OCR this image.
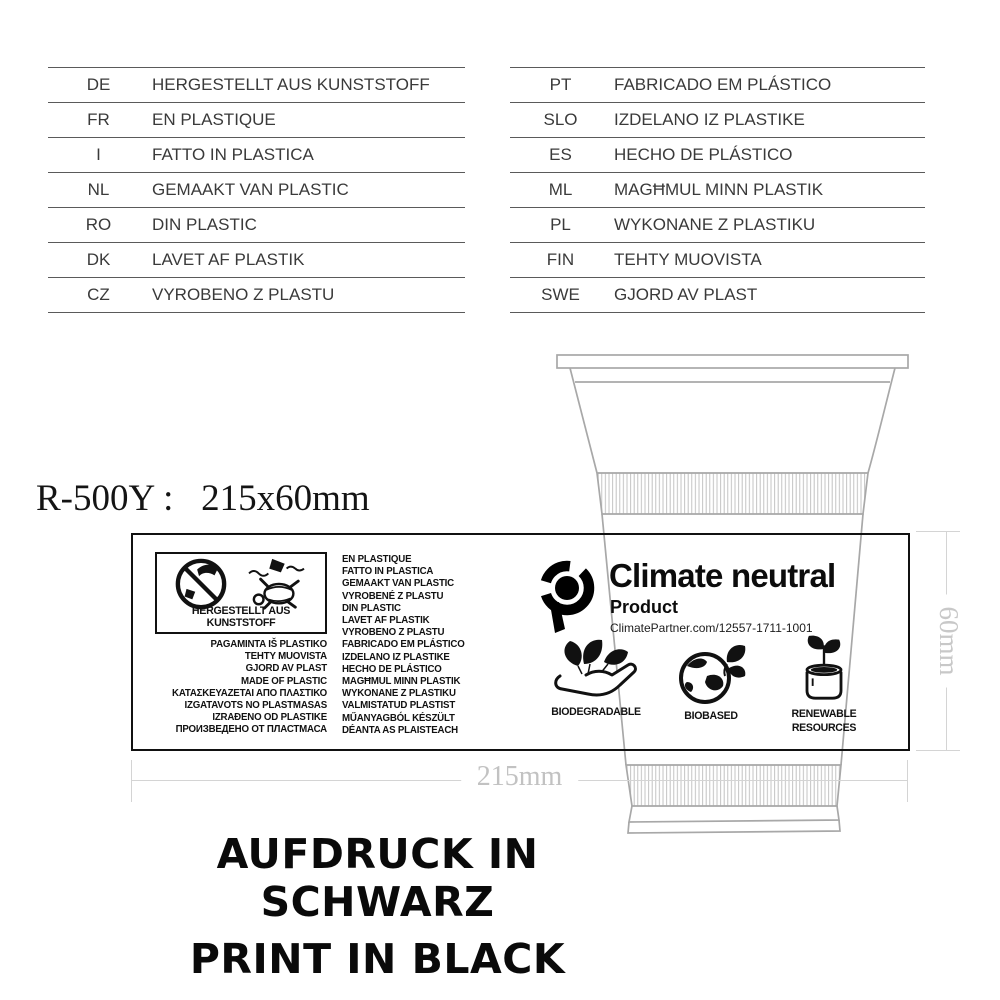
DE	HERGESTELLT AUS KUNSTSTOFF
FR	EN PLASTIQUE
I	FATTO IN PLASTICA
NL	GEMAAKT VAN PLASTIC
RO	DIN PLASTIC
DK	LAVET AF PLASTIK
CZ	VYROBENO Z PLASTU
PT	FABRICADO EM PLÁSTICO
SLO	IZDELANO IZ PLASTIKE
ES	HECHO DE PLÁSTICO
ML	MAGĦMUL MINN PLASTIK
PL	WYKONANE Z PLASTIKU
FIN	TEHTY MUOVISTA
SWE	GJORD AV PLAST
R-500Y :   215x60mm
215mm
60mm
HERGESTELLT AUS KUNSTSTOFF
PAGAMINTA IŠ PLASTIKO
TEHTY MUOVISTA
GJORD AV PLAST
MADE OF PLASTIC
ΚΑΤΑΣΚΕΥΑΖΕΤΑΙ ΑΠΟ ΠΛΑΣΤΙΚΟ
IZGATAVOTS NO PLASTMASAS
IZRAĐENO OD PLASTIKE
ПРОИЗВЕДЕНО ОТ ПЛАСТМАСА
EN PLASTIQUE
FATTO IN PLASTICA
GEMAAKT VAN PLASTIC
VYROBENÉ Z PLASTU
DIN PLASTIC
LAVET AF PLASTIK
VYROBENO Z PLASTU
FABRICADO EM PLÁSTICO
IZDELANO IZ PLASTIKE
HECHO DE PLÁSTICO
MAGĦMUL MINN PLASTIK
WYKONANE Z PLASTIKU
VALMISTATUD PLASTIST
MŰANYAGBÓL KÉSZÜLT
DÉANTA AS PLAISTEACH
Climate neutral
Product
ClimatePartner.com/12557-1711-1001
BIODEGRADABLE	BIOBASED	RENEWABLE
RESOURCES
AUFDRUCK IN SCHWARZ
PRINT IN BLACK
